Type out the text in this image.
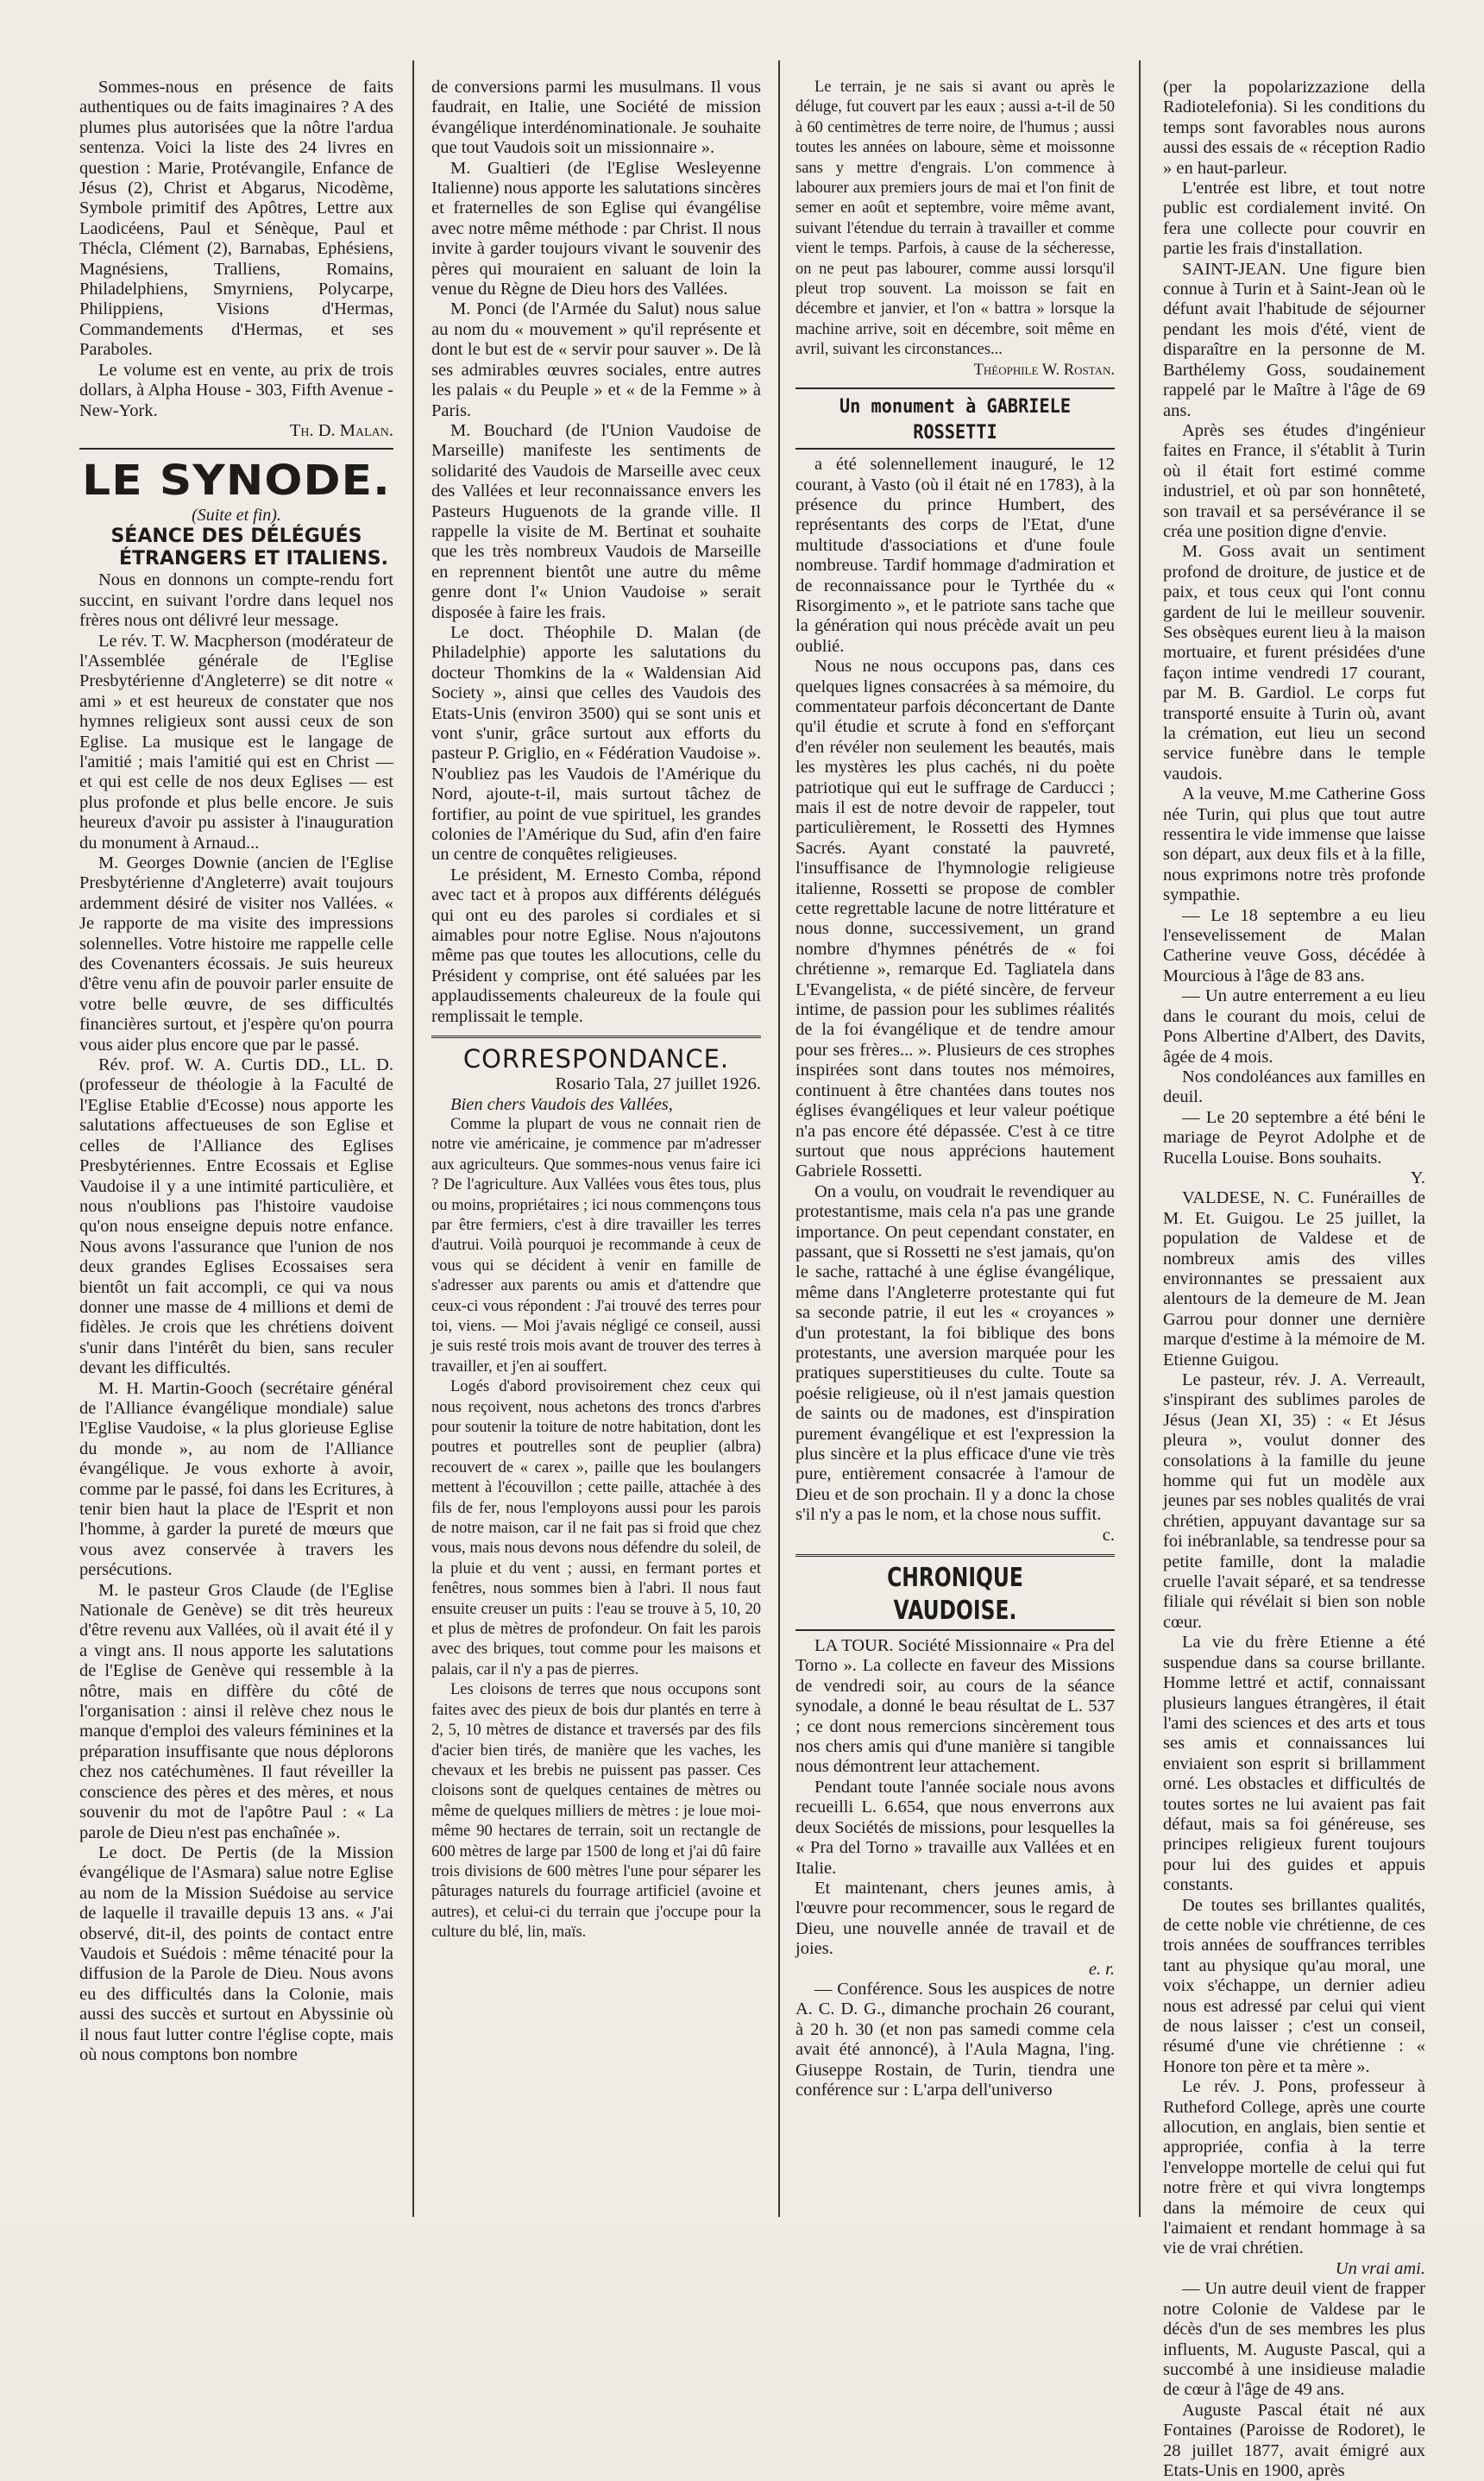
Sommes-nous en présence de faits authentiques ou de faits imaginaires ? A des plumes plus autorisées que la nôtre l'ardua sentenza. Voici la liste des 24 livres en question : Marie, Protévangile, Enfance de Jésus (2), Christ et Abgarus, Nicodème, Symbole primitif des Apôtres, Lettre aux Laodicéens, Paul et Sénèque, Paul et Thécla, Clément (2), Barnabas, Ephésiens, Magnésiens, Tralliens, Romains, Philadelphiens, Smyrniens, Polycarpe, Philippiens, Visions d'Hermas, Commandements d'Hermas, et ses Paraboles.

Le volume est en vente, au prix de trois dollars, à Alpha House - 303, Fifth Avenue - New-York.

Th. D. Malan.

LE SYNODE.
(Suite et fin).
SÉANCE DES DÉLÉGUÉS
ÉTRANGERS ET ITALIENS.

Nous en donnons un compte-rendu fort succint, en suivant l'ordre dans lequel nos frères nous ont délivré leur message.

Le rév. T. W. Macpherson (modérateur de l'Assemblée générale de l'Eglise Presbytérienne d'Angleterre) se dit notre « ami » et est heureux de constater que nos hymnes religieux sont aussi ceux de son Eglise. La musique est le langage de l'amitié ; mais l'amitié qui est en Christ — et qui est celle de nos deux Eglises — est plus profonde et plus belle encore. Je suis heureux d'avoir pu assister à l'inauguration du monument à Arnaud...

M. Georges Downie (ancien de l'Eglise Presbytérienne d'Angleterre) avait toujours ardemment désiré de visiter nos Vallées. « Je rapporte de ma visite des impressions solennelles. Votre histoire me rappelle celle des Covenanters écossais. Je suis heureux d'être venu afin de pouvoir parler ensuite de votre belle œuvre, de ses difficultés financières surtout, et j'espère qu'on pourra vous aider plus encore que par le passé.

Rév. prof. W. A. Curtis DD., LL. D. (professeur de théologie à la Faculté de l'Eglise Etablie d'Ecosse) nous apporte les salutations affectueuses de son Eglise et celles de l'Alliance des Eglises Presbytériennes. Entre Ecossais et Eglise Vaudoise il y a une intimité particulière, et nous n'oublions pas l'histoire vaudoise qu'on nous enseigne depuis notre enfance. Nous avons l'assurance que l'union de nos deux grandes Eglises Ecossaises sera bientôt un fait accompli, ce qui va nous donner une masse de 4 millions et demi de fidèles. Je crois que les chrétiens doivent s'unir dans l'intérêt du bien, sans reculer devant les difficultés.

M. H. Martin-Gooch (secrétaire général de l'Alliance évangélique mondiale) salue l'Eglise Vaudoise, « la plus glorieuse Eglise du monde », au nom de l'Alliance évangélique. Je vous exhorte à avoir, comme par le passé, foi dans les Ecritures, à tenir bien haut la place de l'Esprit et non l'homme, à garder la pureté de mœurs que vous avez conservée à travers les persécutions.

M. le pasteur Gros Claude (de l'Eglise Nationale de Genève) se dit très heureux d'être revenu aux Vallées, où il avait été il y a vingt ans. Il nous apporte les salutations de l'Eglise de Genève qui ressemble à la nôtre, mais en diffère du côté de l'organisation : ainsi il relève chez nous le manque d'emploi des valeurs féminines et la préparation insuffisante que nous déplorons chez nos catéchumènes. Il faut réveiller la conscience des pères et des mères, et nous souvenir du mot de l'apôtre Paul : « La parole de Dieu n'est pas enchaînée ».

Le doct. De Pertis (de la Mission évangélique de l'Asmara) salue notre Eglise au nom de la Mission Suédoise au service de laquelle il travaille depuis 13 ans. « J'ai observé, dit-il, des points de contact entre Vaudois et Suédois : même ténacité pour la diffusion de la Parole de Dieu. Nous avons eu des difficultés dans la Colonie, mais aussi des succès et surtout en Abyssinie où il nous faut lutter contre l'église copte, mais où nous comptons bon nombre

de conversions parmi les musulmans. Il vous faudrait, en Italie, une Société de mission évangélique interdénominationale. Je souhaite que tout Vaudois soit un missionnaire ».

M. Gualtieri (de l'Eglise Wesleyenne Italienne) nous apporte les salutations sincères et fraternelles de son Eglise qui évangélise avec notre même méthode : par Christ. Il nous invite à garder toujours vivant le souvenir des pères qui mouraient en saluant de loin la venue du Règne de Dieu hors des Vallées.

M. Ponci (de l'Armée du Salut) nous salue au nom du « mouvement » qu'il représente et dont le but est de « servir pour sauver ». De là ses admirables œuvres sociales, entre autres les palais « du Peuple » et « de la Femme » à Paris.

M. Bouchard (de l'Union Vaudoise de Marseille) manifeste les sentiments de solidarité des Vaudois de Marseille avec ceux des Vallées et leur reconnaissance envers les Pasteurs Huguenots de la grande ville. Il rappelle la visite de M. Bertinat et souhaite que les très nombreux Vaudois de Marseille en reprennent bientôt une autre du même genre dont l'« Union Vaudoise » serait disposée à faire les frais.

Le doct. Théophile D. Malan (de Philadelphie) apporte les salutations du docteur Thomkins de la « Waldensian Aid Society », ainsi que celles des Vaudois des Etats-Unis (environ 3500) qui se sont unis et vont s'unir, grâce surtout aux efforts du pasteur P. Griglio, en « Fédération Vaudoise ». N'oubliez pas les Vaudois de l'Amérique du Nord, ajoute-t-il, mais surtout tâchez de fortifier, au point de vue spirituel, les grandes colonies de l'Amérique du Sud, afin d'en faire un centre de conquêtes religieuses.

Le président, M. Ernesto Comba, répond avec tact et à propos aux différents délégués qui ont eu des paroles si cordiales et si aimables pour notre Eglise. Nous n'ajoutons même pas que toutes les allocutions, celle du Président y comprise, ont été saluées par les applaudissements chaleureux de la foule qui remplissait le temple.

CORRESPONDANCE.

Rosario Tala, 27 juillet 1926.

Bien chers Vaudois des Vallées,

Comme la plupart de vous ne connait rien de notre vie américaine, je commence par m'adresser aux agriculteurs. Que sommes-nous venus faire ici ? De l'agriculture. Aux Vallées vous êtes tous, plus ou moins, propriétaires ; ici nous commençons tous par être fermiers, c'est à dire travailler les terres d'autrui. Voilà pourquoi je recommande à ceux de vous qui se décident à venir en famille de s'adresser aux parents ou amis et d'attendre que ceux-ci vous répondent : J'ai trouvé des terres pour toi, viens. — Moi j'avais négligé ce conseil, aussi je suis resté trois mois avant de trouver des terres à travailler, et j'en ai souffert.

Logés d'abord provisoirement chez ceux qui nous reçoivent, nous achetons des troncs d'arbres pour soutenir la toiture de notre habitation, dont les poutres et poutrelles sont de peuplier (albra) recouvert de « carex », paille que les boulangers mettent à l'écouvillon ; cette paille, attachée à des fils de fer, nous l'employons aussi pour les parois de notre maison, car il ne fait pas si froid que chez vous, mais nous devons nous défendre du soleil, de la pluie et du vent ; aussi, en fermant portes et fenêtres, nous sommes bien à l'abri. Il nous faut ensuite creuser un puits : l'eau se trouve à 5, 10, 20 et plus de mètres de profondeur. On fait les parois avec des briques, tout comme pour les maisons et palais, car il n'y a pas de pierres.

Les cloisons de terres que nous occupons sont faites avec des pieux de bois dur plantés en terre à 2, 5, 10 mètres de distance et traversés par des fils d'acier bien tirés, de manière que les vaches, les chevaux et les brebis ne puissent pas passer. Ces cloisons sont de quelques centaines de mètres ou même de quelques milliers de mètres : je loue moi-même 90 hectares de terrain, soit un rectangle de 600 mètres de large par 1500 de long et j'ai dû faire trois divisions de 600 mètres l'une pour séparer les pâturages naturels du fourrage artificiel (avoine et autres), et celui-ci du terrain que j'occupe pour la culture du blé, lin, maïs.

Le terrain, je ne sais si avant ou après le déluge, fut couvert par les eaux ; aussi a-t-il de 50 à 60 centimètres de terre noire, de l'humus ; aussi toutes les années on laboure, sème et moissonne sans y mettre d'engrais. L'on commence à labourer aux premiers jours de mai et l'on finit de semer en août et septembre, voire même avant, suivant l'étendue du terrain à travailler et comme vient le temps. Parfois, à cause de la sécheresse, on ne peut pas labourer, comme aussi lorsqu'il pleut trop souvent. La moisson se fait en décembre et janvier, et l'on « battra » lorsque la machine arrive, soit en décembre, soit même en avril, suivant les circonstances...

Théophile W. Rostan.

Un monument à GABRIELE ROSSETTI

a été solennellement inauguré, le 12 courant, à Vasto (où il était né en 1783), à la présence du prince Humbert, des représentants des corps de l'Etat, d'une multitude d'associations et d'une foule nombreuse. Tardif hommage d'admiration et de reconnaissance pour le Tyrthée du « Risorgimento », et le patriote sans tache que la génération qui nous précède avait un peu oublié.

Nous ne nous occupons pas, dans ces quelques lignes consacrées à sa mémoire, du commentateur parfois déconcertant de Dante qu'il étudie et scrute à fond en s'efforçant d'en révéler non seulement les beautés, mais les mystères les plus cachés, ni du poète patriotique qui eut le suffrage de Carducci ; mais il est de notre devoir de rappeler, tout particulièrement, le Rossetti des Hymnes Sacrés. Ayant constaté la pauvreté, l'insuffisance de l'hymnologie religieuse italienne, Rossetti se propose de combler cette regrettable lacune de notre littérature et nous donne, successivement, un grand nombre d'hymnes pénétrés de « foi chrétienne », remarque Ed. Tagliatela dans L'Evangelista, « de piété sincère, de ferveur intime, de passion pour les sublimes réalités de la foi évangélique et de tendre amour pour ses frères... ». Plusieurs de ces strophes inspirées sont dans toutes nos mémoires, continuent à être chantées dans toutes nos églises évangéliques et leur valeur poétique n'a pas encore été dépassée. C'est à ce titre surtout que nous apprécions hautement Gabriele Rossetti.

On a voulu, on voudrait le revendiquer au protestantisme, mais cela n'a pas une grande importance. On peut cependant constater, en passant, que si Rossetti ne s'est jamais, qu'on le sache, rattaché à une église évangélique, même dans l'Angleterre protestante qui fut sa seconde patrie, il eut les « croyances » d'un protestant, la foi biblique des bons protestants, une aversion marquée pour les pratiques superstitieuses du culte. Toute sa poésie religieuse, où il n'est jamais question de saints ou de madones, est d'inspiration purement évangélique et est l'expression la plus sincère et la plus efficace d'une vie très pure, entièrement consacrée à l'amour de Dieu et de son prochain. Il y a donc la chose s'il n'y a pas le nom, et la chose nous suffit.

c.

CHRONIQUE VAUDOISE.

LA TOUR. Société Missionnaire « Pra del Torno ». La collecte en faveur des Missions de vendredi soir, au cours de la séance synodale, a donné le beau résultat de L. 537 ; ce dont nous remercions sincèrement tous nos chers amis qui d'une manière si tangible nous démontrent leur attachement.

Pendant toute l'année sociale nous avons recueilli L. 6.654, que nous enverrons aux deux Sociétés de missions, pour lesquelles la « Pra del Torno » travaille aux Vallées et en Italie.

Et maintenant, chers jeunes amis, à l'œuvre pour recommencer, sous le regard de Dieu, une nouvelle année de travail et de joies.

e. r.

— Conférence. Sous les auspices de notre A. C. D. G., dimanche prochain 26 courant, à 20 h. 30 (et non pas samedi comme cela avait été annoncé), à l'Aula Magna, l'ing. Giuseppe Rostain, de Turin, tiendra une conférence sur : L'arpa dell'universo

(per la popolarizzazione della Radiotelefonia). Si les conditions du temps sont favorables nous aurons aussi des essais de « réception Radio » en haut-parleur.

L'entrée est libre, et tout notre public est cordialement invité. On fera une collecte pour couvrir en partie les frais d'installation.

SAINT-JEAN. Une figure bien connue à Turin et à Saint-Jean où le défunt avait l'habitude de séjourner pendant les mois d'été, vient de disparaître en la personne de M. Barthélemy Goss, soudainement rappelé par le Maître à l'âge de 69 ans.

Après ses études d'ingénieur faites en France, il s'établit à Turin où il était fort estimé comme industriel, et où par son honnêteté, son travail et sa persévérance il se créa une position digne d'envie.

M. Goss avait un sentiment profond de droiture, de justice et de paix, et tous ceux qui l'ont connu gardent de lui le meilleur souvenir. Ses obsèques eurent lieu à la maison mortuaire, et furent présidées d'une façon intime vendredi 17 courant, par M. B. Gardiol. Le corps fut transporté ensuite à Turin où, avant la crémation, eut lieu un second service funèbre dans le temple vaudois.

A la veuve, M.me Catherine Goss née Turin, qui plus que tout autre ressentira le vide immense que laisse son départ, aux deux fils et à la fille, nous exprimons notre très profonde sympathie.

— Le 18 septembre a eu lieu l'ensevelissement de Malan Catherine veuve Goss, décédée à Mourcious à l'âge de 83 ans.

— Un autre enterrement a eu lieu dans le courant du mois, celui de Pons Albertine d'Albert, des Davits, âgée de 4 mois.

Nos condoléances aux familles en deuil.

— Le 20 septembre a été béni le mariage de Peyrot Adolphe et de Rucella Louise. Bons souhaits.

Y.

VALDESE, N. C. Funérailles de M. Et. Guigou. Le 25 juillet, la population de Valdese et de nombreux amis des villes environnantes se pressaient aux alentours de la demeure de M. Jean Garrou pour donner une dernière marque d'estime à la mémoire de M. Etienne Guigou.

Le pasteur, rév. J. A. Verreault, s'inspirant des sublimes paroles de Jésus (Jean XI, 35) : « Et Jésus pleura », voulut donner des consolations à la famille du jeune homme qui fut un modèle aux jeunes par ses nobles qualités de vrai chrétien, appuyant davantage sur sa foi inébranlable, sa tendresse pour sa petite famille, dont la maladie cruelle l'avait séparé, et sa tendresse filiale qui révélait si bien son noble cœur.

La vie du frère Etienne a été suspendue dans sa course brillante. Homme lettré et actif, connaissant plusieurs langues étrangères, il était l'ami des sciences et des arts et tous ses amis et connaissances lui enviaient son esprit si brillamment orné. Les obstacles et difficultés de toutes sortes ne lui avaient pas fait défaut, mais sa foi généreuse, ses principes religieux furent toujours pour lui des guides et appuis constants.

De toutes ses brillantes qualités, de cette noble vie chrétienne, de ces trois années de souffrances terribles tant au physique qu'au moral, une voix s'échappe, un dernier adieu nous est adressé par celui qui vient de nous laisser ; c'est un conseil, résumé d'une vie chrétienne : « Honore ton père et ta mère ».

Le rév. J. Pons, professeur à Rutheford College, après une courte allocution, en anglais, bien sentie et appropriée, confia à la terre l'enveloppe mortelle de celui qui fut notre frère et qui vivra longtemps dans la mémoire de ceux qui l'aimaient et rendant hommage à sa vie de vrai chrétien.

Un vrai ami.

— Un autre deuil vient de frapper notre Colonie de Valdese par le décès d'un de ses membres les plus influents, M. Auguste Pascal, qui a succombé à une insidieuse maladie de cœur à l'âge de 49 ans.

Auguste Pascal était né aux Fontaines (Paroisse de Rodoret), le 28 juillet 1877, avait émigré aux Etats-Unis en 1900, après
